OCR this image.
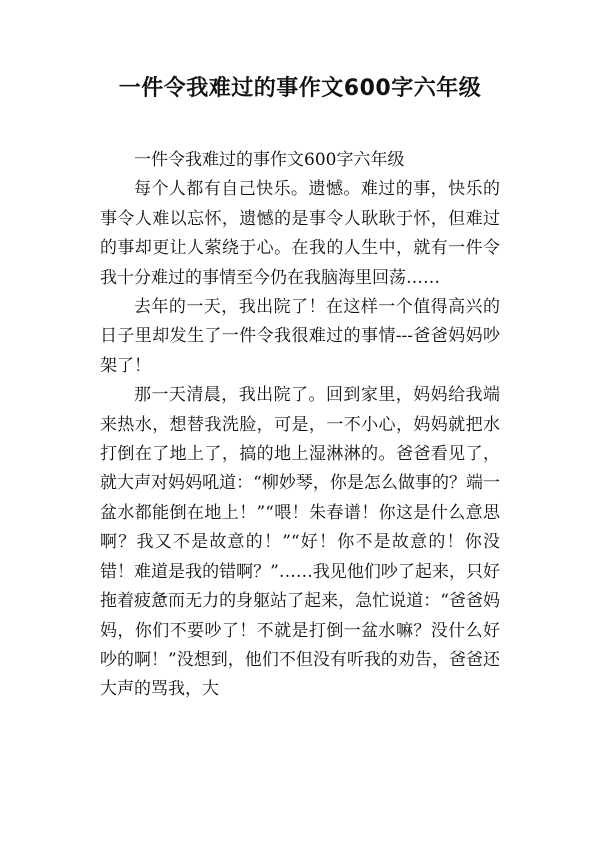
一件令我难过的事作文600字六年级

一件令我难过的事作文600字六年级

每个人都有自己快乐。遗憾。难过的事，快乐的事令人难以忘怀，遗憾的是事令人耿耿于怀，但难过的事却更让人萦绕于心。在我的人生中，就有一件令我十分难过的事情至今仍在我脑海里回荡……

去年的一天，我出院了！在这样一个值得高兴的日子里却发生了一件令我很难过的事情---爸爸妈妈吵架了！

那一天清晨，我出院了。回到家里，妈妈给我端来热水，想替我洗脸，可是，一不小心，妈妈就把水打倒在了地上了，搞的地上湿淋淋的。爸爸看见了，就大声对妈妈吼道：“柳妙琴，你是怎么做事的？端一盆水都能倒在地上！”“喂！朱春谱！你这是什么意思啊？我又不是故意的！”“好！你不是故意的！你没错！难道是我的错啊？”……我见他们吵了起来，只好拖着疲惫而无力的身躯站了起来，急忙说道：“爸爸妈妈，你们不要吵了！不就是打倒一盆水嘛？没什么好吵的啊！”没想到，他们不但没有听我的劝告，爸爸还大声的骂我，大
